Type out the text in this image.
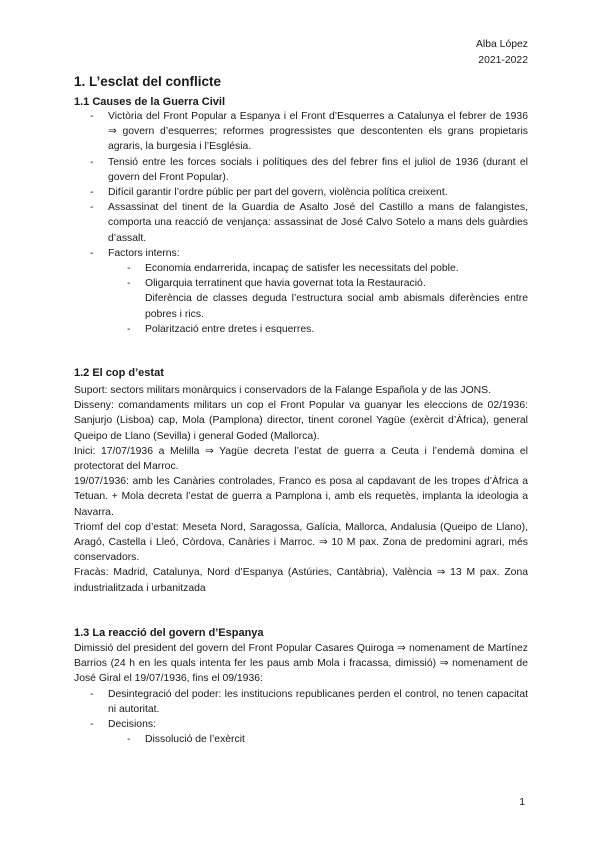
Alba López
2021-2022
1. L’esclat del conflicte
1.1 Causes de la Guerra Civil
- Victòria del Front Popular a Espanya i el Front d’Esquerres a Catalunya el febrer de 1936 ⇒ govern d’esquerres; reformes progressistes que descontenten els grans propietaris agraris, la burgesia i l’Església.
- Tensió entre les forces socials i polítiques des del febrer fins el juliol de 1936 (durant el govern del Front Popular).
- Difícil garantir l’ordre públic per part del govern, violència política creixent.
- Assassinat del tinent de la Guardia de Asalto José del Castillo a mans de falangistes, comporta una reacció de venjança: assassinat de José Calvo Sotelo a mans dels guàrdies d’assalt.
- Factors interns:
- Economia endarrerida, incapaç de satisfer les necessitats del poble.
- Oligarquia terratinent que havia governat tota la Restauració.
Diferència de classes deguda l’estructura social amb abismals diferències entre pobres i rics.
- Polarització entre dretes i esquerres.
1.2 El cop d’estat

Suport: sectors militars monàrquics i conservadors de la Falange Española y de las JONS.

Disseny: comandaments militars un cop el Front Popular va guanyar les eleccions de 02/1936: Sanjurjo (Lisboa) cap, Mola (Pamplona) director, tinent coronel Yagüe (exèrcit d’Àfrica), general Queipo de Llano (Sevilla) i general Goded (Mallorca).

Inici: 17/07/1936 a Melilla ⇒ Yagüe decreta l’estat de guerra a Ceuta i l’endemà domina el protectorat del Marroc.

19/07/1936: amb les Canàries controlades, Franco es posa al capdavant de les tropes d’Àfrica a Tetuan. + Mola decreta l’estat de guerra a Pamplona i, amb els requetès, implanta la ideologia a Navarra.

Triomf del cop d’estat: Meseta Nord, Saragossa, Galícia, Mallorca, Andalusia (Queipo de Llano), Aragó, Castella i Lleó, Còrdova, Canàries i Marroc. ⇒ 10 M pax. Zona de predomini agrari, més conservadors.

Fracàs: Madrid, Catalunya, Nord d’Espanya (Astúries, Cantàbria), València ⇒ 13 M pax. Zona industrialitzada i urbanitzada

1.3 La reacció del govern d’Espanya

Dimissió del president del govern del Front Popular Casares Quiroga ⇒ nomenament de Martínez Barrios (24 h en les quals intenta fer les paus amb Mola i fracassa, dimissió) ⇒ nomenament de José Giral el 19/07/1936, fins el 09/1936:

- Desintegració del poder: les institucions republicanes perden el control, no tenen capacitat ni autoritat.
- Decisions:
- Dissolució de l’exèrcit
1
